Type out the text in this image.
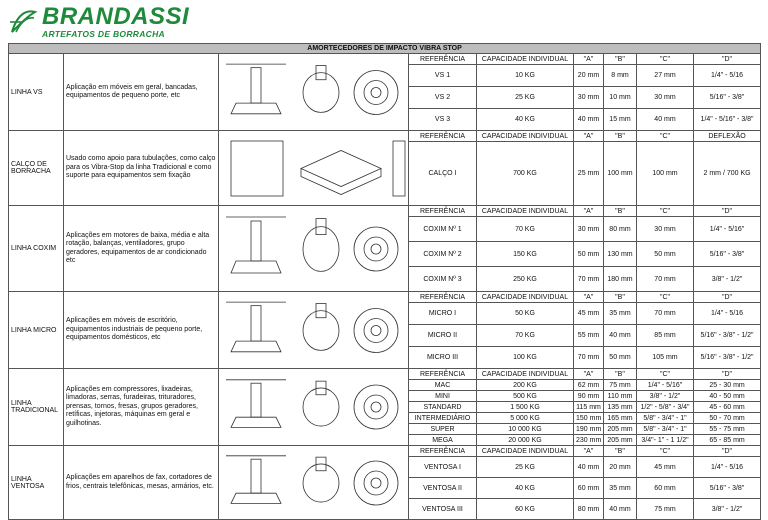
BRANDASSI
ARTEFATOS DE BORRACHA
AMORTECEDORES DE IMPACTO VIBRA STOP								
LINHA VS	Aplicação em móveis em geral, bancadas, equipamentos de pequeno porte, etc		REFERÊNCIA	CAPACIDADE INDIVIDUAL	"A"	"B"	"C"	"D"
			VS 1	10 KG	20 mm	8 mm	27 mm	1/4" - 5/16
			VS 2	25 KG	30 mm	10 mm	30 mm	5/16" - 3/8"
			VS 3	40 KG	40 mm	15 mm	40 mm	1/4" - 5/16" - 3/8"
CALÇO DE BORRACHA	Usado como apoio para tubulações, como calço para os Vibra-Stop da linha Tradicional e como suporte para equipamentos sem fixação		REFERÊNCIA	CAPACIDADE INDIVIDUAL	"A"	"B"	"C"	DEFLEXÃO
			CALÇO I	700 KG	25 mm	100 mm	100 mm	2 mm / 700 KG
LINHA COXIM	Aplicações em motores de baixa, média e alta rotação, balanças, ventiladores, grupo geradores, equipamentos de ar condicionado etc		REFERÊNCIA	CAPACIDADE INDIVIDUAL	"A"	"B"	"C"	"D"
			COXIM Nº 1	70 KG	30 mm	80 mm	30 mm	1/4" - 5/16"
			COXIM Nº 2	150 KG	50 mm	130 mm	50 mm	5/16" - 3/8"
			COXIM Nº 3	250 KG	70 mm	180 mm	70 mm	3/8" - 1/2"
LINHA MICRO	Aplicações em móveis de escritório, equipamentos industriais de pequeno porte, equipamentos domésticos, etc		REFERÊNCIA	CAPACIDADE INDIVIDUAL	"A"	"B"	"C"	"D"
			MICRO I	50 KG	45 mm	35 mm	70 mm	1/4" - 5/16
			MICRO II	70 KG	55 mm	40 mm	85 mm	5/16" - 3/8" - 1/2"
			MICRO III	100 KG	70 mm	50 mm	105 mm	5/16" - 3/8" - 1/2"
LINHA TRADICIONAL	Aplicações em compressores, lixadeiras, limadoras, serras, furadeiras, trituradores, prensas, tornos, fresas, grupos geradores, retíficas, injetoras, máquinas em geral e guilhotinas.		REFERÊNCIA	CAPACIDADE INDIVIDUAL	"A"	"B"	"C"	"D"
			MAC	200 KG	62 mm	75 mm	1/4" - 5/16"	25 - 30 mm
			MINI	500 KG	90 mm	110 mm	3/8" - 1/2"	40 - 50 mm
			STANDARD	1 500 KG	115 mm	135 mm	1/2" - 5/8" - 3/4"	45 - 60 mm
			INTERMEDIÁRIO	5 000 KG	150 mm	165 mm	5/8" - 3/4" - 1"	50 - 70 mm
			SUPER	10 000 KG	190 mm	205 mm	5/8" - 3/4" - 1"	55 - 75 mm
			MEGA	20 000 KG	230 mm	205 mm	3/4"- 1" - 1 1/2"	65 - 85 mm
LINHA VENTOSA	Aplicações em aparelhos de fax, cortadores de frios, centrais telefônicas, mesas, armários, etc.		REFERÊNCIA	CAPACIDADE INDIVIDUAL	"A"	"B"	"C"	"D"
			VENTOSA I	25 KG	40 mm	20 mm	45 mm	1/4" - 5/16
			VENTOSA II	40 KG	60 mm	35 mm	60 mm	5/16" - 3/8"
			VENTOSA III	60 KG	80 mm	40 mm	75 mm	3/8" - 1/2"
